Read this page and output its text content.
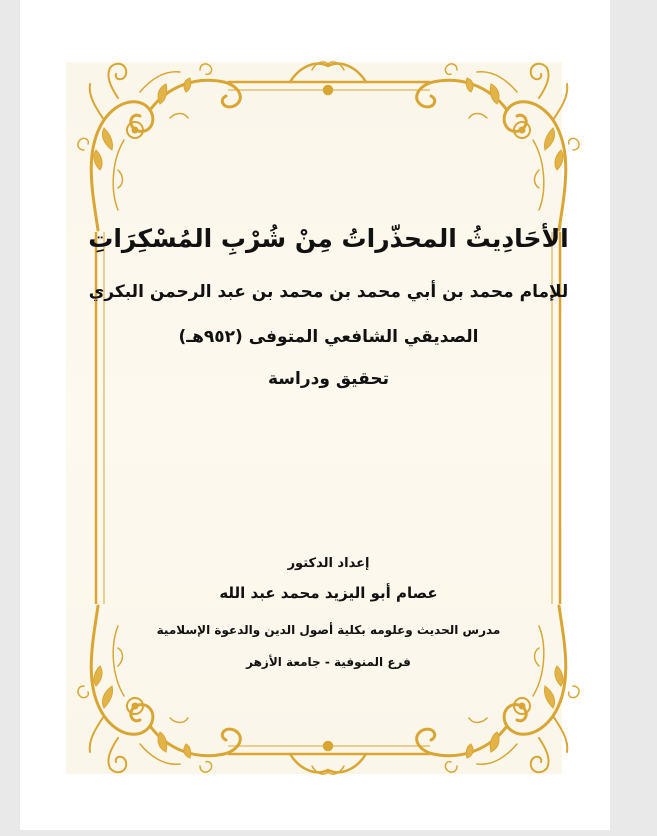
الأحَادِيثُ المحذّراتُ مِنْ شُرْبِ المُسْكِرَاتِ
للإمام محمد بن أبي محمد بن محمد بن عبد الرحمن البكري
الصديقي الشافعي المتوفى (٩٥٢هـ)
تحقيق ودراسة
إعداد الدكتور
عصام أبو اليزيد محمد عبد الله
مدرس الحديث وعلومه بكلية أصول الدين والدعوة الإسلامية
فرع المنوفية - جامعة الأزهر
